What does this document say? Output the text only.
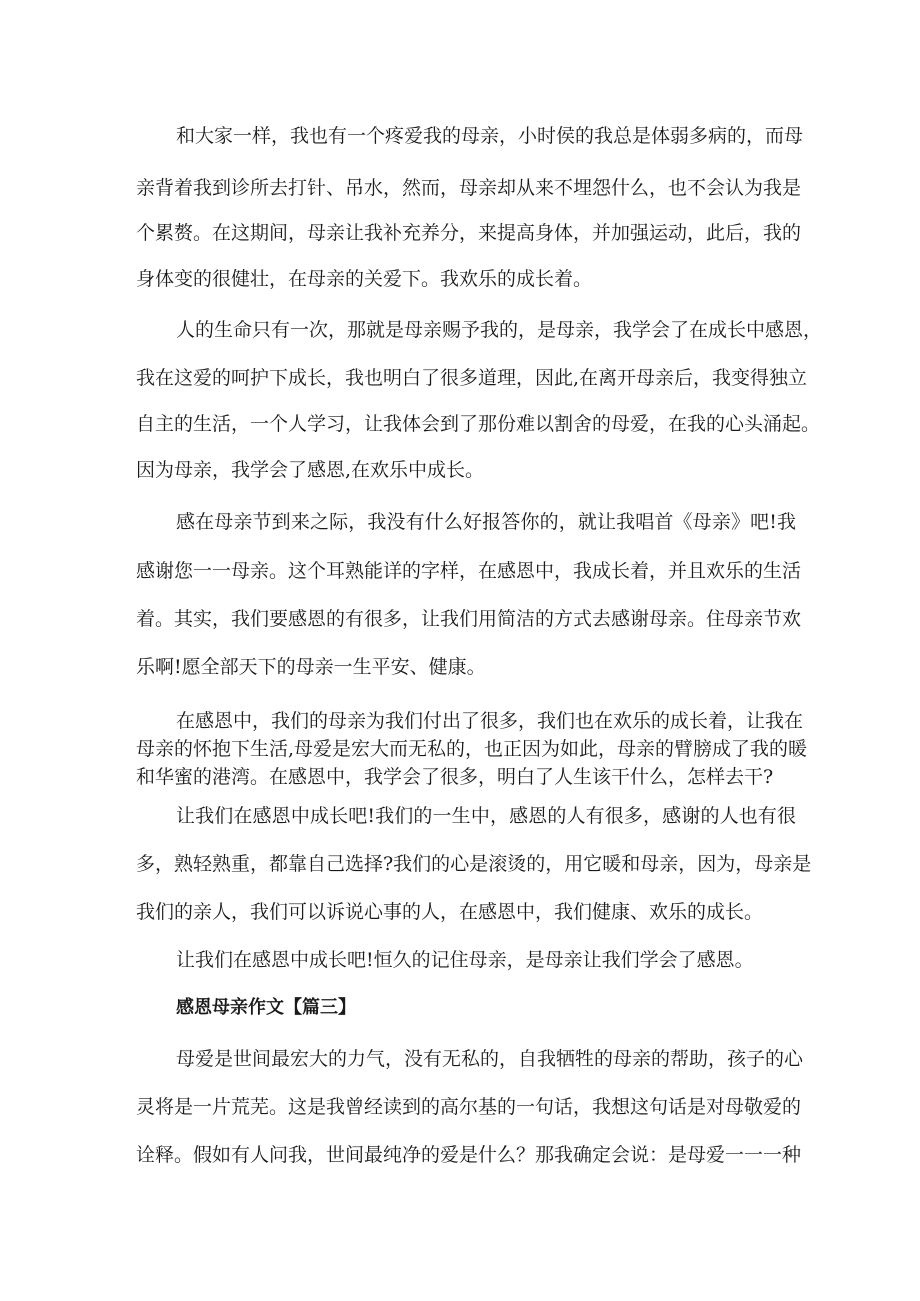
和大家一样，我也有一个疼爱我的母亲，小时侯的我总是体弱多病的，而母

亲背着我到诊所去打针、吊水，然而，母亲却从来不埋怨什么，也不会认为我是

个累赘。在这期间，母亲让我补充养分，来提高身体，并加强运动，此后，我的

身体变的很健壮，在母亲的关爱下。我欢乐的成长着。

人的生命只有一次，那就是母亲赐予我的，是母亲，我学会了在成长中感恩，

我在这爱的呵护下成长，我也明白了很多道理，因此,在离开母亲后，我变得独立

自主的生活，一个人学习，让我体会到了那份难以割舍的母爱，在我的心头涌起。

因为母亲，我学会了感恩,在欢乐中成长。

感在母亲节到来之际，我没有什么好报答你的，就让我唱首《母亲》吧!我

感谢您一一母亲。这个耳熟能详的字样，在感恩中，我成长着，并且欢乐的生活

着。其实，我们要感恩的有很多，让我们用简洁的方式去感谢母亲。住母亲节欢

乐啊!愿全部天下的母亲一生平安、健康。

在感恩中，我们的母亲为我们付出了很多，我们也在欢乐的成长着，让我在

母亲的怀抱下生活,母爱是宏大而无私的，也正因为如此，母亲的臂膀成了我的暖

和华蜜的港湾。在感恩中，我学会了很多，明白了人生该干什么，怎样去干?

让我们在感恩中成长吧!我们的一生中，感恩的人有很多，感谢的人也有很

多，熟轻熟重，都靠自己选择?我们的心是滚烫的，用它暖和母亲，因为，母亲是

我们的亲人，我们可以诉说心事的人，在感恩中，我们健康、欢乐的成长。

让我们在感恩中成长吧!恒久的记住母亲，是母亲让我们学会了感恩。

感恩母亲作文【篇三】

母爱是世间最宏大的力气，没有无私的，自我牺牲的母亲的帮助，孩子的心

灵将是一片荒芜。这是我曾经读到的高尔基的一句话，我想这句话是对母敬爱的

诠释。假如有人问我，世间最纯净的爱是什么？那我确定会说：是母爱一一一种
